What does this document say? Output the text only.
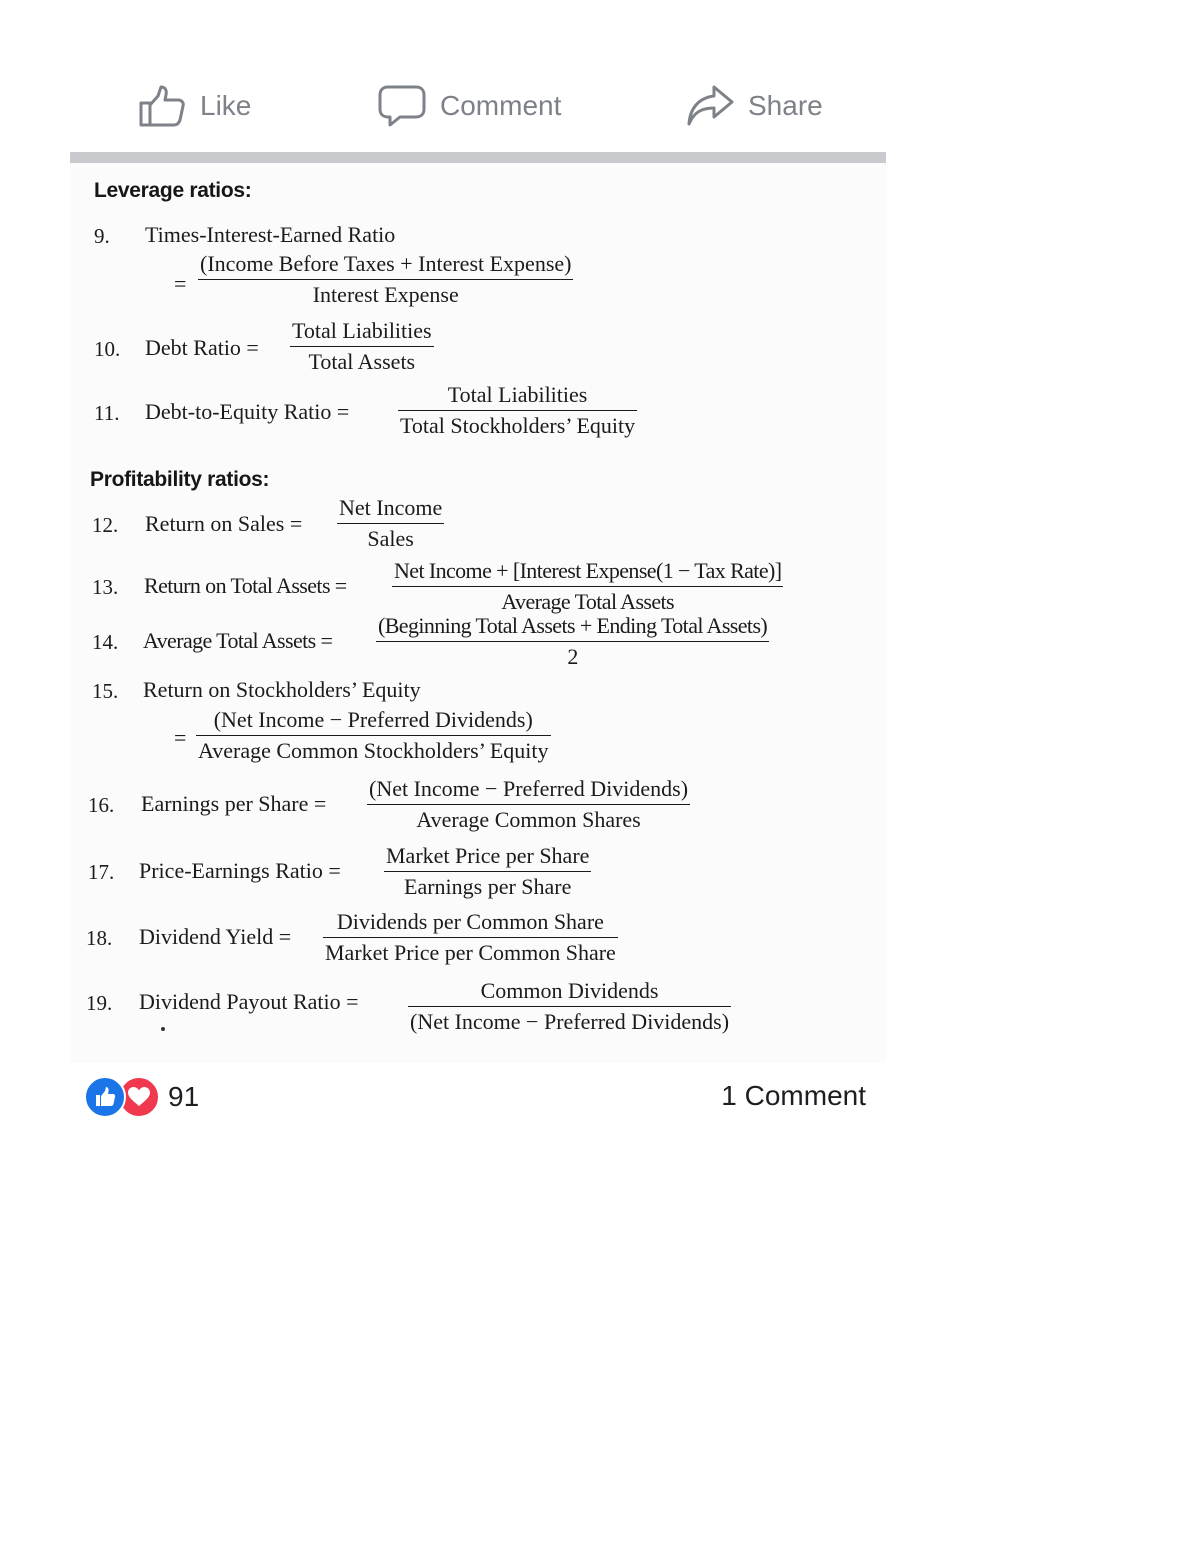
Like	Comment	Share
Leverage ratios:
9. Times-Interest-Earned Ratio
=
(Income Before Taxes + Interest Expense)
Interest Expense
10. Debt Ratio =
Total Liabilities
Total Assets
11. Debt-to-Equity Ratio =
Total Liabilities
Total Stockholders’ Equity
Profitability ratios:
12. Return on Sales =
Net Income
Sales
13. Return on Total Assets =
Net Income + [Interest Expense(1 − Tax Rate)]
Average Total Assets
14. Average Total Assets =
(Beginning Total Assets + Ending Total Assets)
2
15. Return on Stockholders’ Equity
=
(Net Income − Preferred Dividends)
Average Common Stockholders’ Equity
16. Earnings per Share =
(Net Income − Preferred Dividends)
Average Common Shares
17. Price-Earnings Ratio =
Market Price per Share
Earnings per Share
18. Dividend Yield =
Dividends per Common Share
Market Price per Common Share
19. Dividend Payout Ratio =	Common Dividends
(Net Income − Preferred Dividends)
91	1 Comment
